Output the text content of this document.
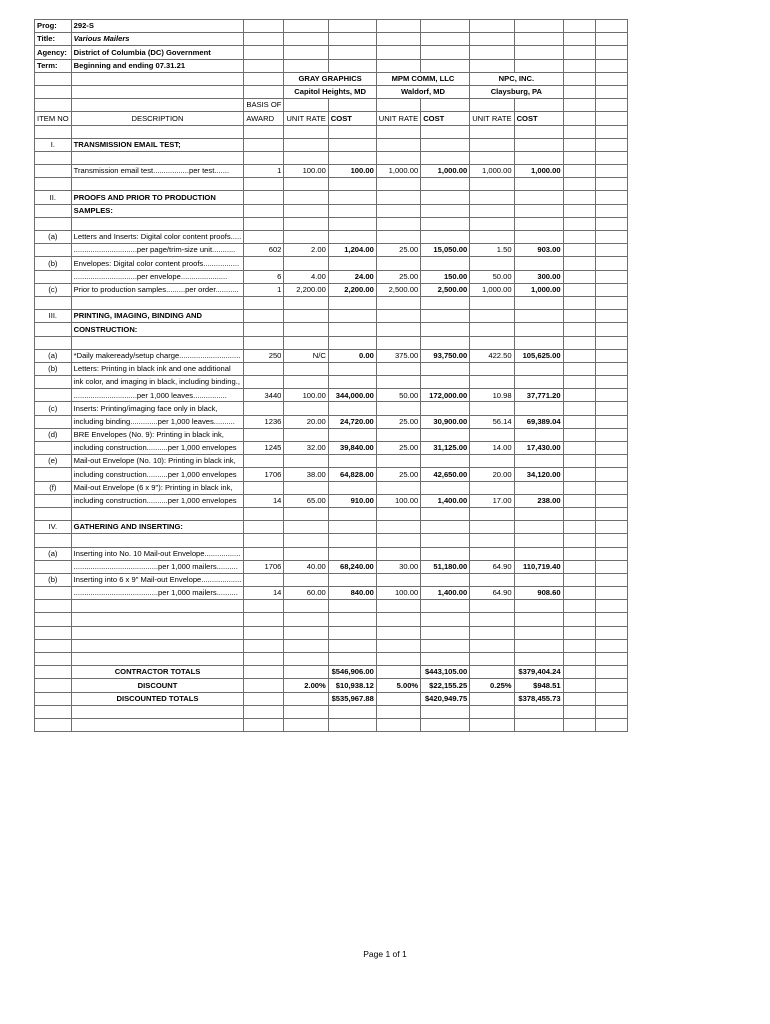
Prog:	292-S									
Title:	Various Mailers									
Agency:	District of Columbia (DC) Government									
Term:	Beginning and ending 07.31.21									
			GRAY GRAPHICS		MPM COMM, LLC		NPC, INC.			
			Capitol Heights, MD		Waldorf, MD		Claysburg, PA			
		BASIS OF								
ITEM NO	DESCRIPTION	AWARD	UNIT RATE	COST	UNIT RATE	COST	UNIT RATE	COST		

I.	TRANSMISSION EMAIL TEST;									

	Transmission email test.................per test.......	1	100.00	100.00	1,000.00	1,000.00	1,000.00	1,000.00		

II.	PROOFS AND PRIOR TO PRODUCTION									
	SAMPLES:									

(a)	Letters and Inserts: Digital color content proofs.....									
	..............................per page/trim-size unit...........	602	2.00	1,204.00	25.00	15,050.00	1.50	903.00		
(b)	Envelopes: Digital color content proofs.................									
	..............................per envelope......................	6	4.00	24.00	25.00	150.00	50.00	300.00		
(c)	Prior to production samples.........per order...........	1	2,200.00	2,200.00	2,500.00	2,500.00	1,000.00	1,000.00		

III.	PRINTING, IMAGING, BINDING AND									
	CONSTRUCTION:									

(a)	*Daily makeready/setup charge.............................	250	N/C	0.00	375.00	93,750.00	422.50	105,625.00		
(b)	Letters: Printing in black ink and one additional									
	ink color, and imaging in black, including binding.,									
	..............................per 1,000 leaves................	3440	100.00	344,000.00	50.00	172,000.00	10.98	37,771.20		
(c)	Inserts: Printing/imaging face only in black,									
	including binding.............per 1,000 leaves..........	1236	20.00	24,720.00	25.00	30,900.00	56.14	69,389.04		
(d)	BRE Envelopes (No. 9): Printing in black ink,									
	including construction..........per 1,000 envelopes	1245	32.00	39,840.00	25.00	31,125.00	14.00	17,430.00		
(e)	Mail-out Envelope (No. 10): Printing in black ink,									
	including construction..........per 1,000 envelopes	1706	38.00	64,828.00	25.00	42,650.00	20.00	34,120.00		
(f)	Mail-out Envelope (6 x 9"): Printing in black ink,									
	including construction..........per 1,000 envelopes	14	65.00	910.00	100.00	1,400.00	17.00	238.00		

IV.	GATHERING AND INSERTING:									

(a)	Inserting into No. 10 Mail-out Envelope.................									
	........................................per 1,000 mailers..........	1706	40.00	68,240.00	30.00	51,180.00	64.90	110,719.40		
(b)	Inserting into 6 x 9" Mail-out Envelope...................									
	........................................per 1,000 mailers..........	14	60.00	840.00	100.00	1,400.00	64.90	908.60		

	CONTRACTOR TOTALS			$546,906.00		$443,105.00		$379,404.24		
	DISCOUNT		2.00%	$10,938.12	5.00%	$22,155.25	0.25%	$948.51		
	DISCOUNTED TOTALS			$535,967.88		$420,949.75		$378,455.73		

Page 1 of 1
